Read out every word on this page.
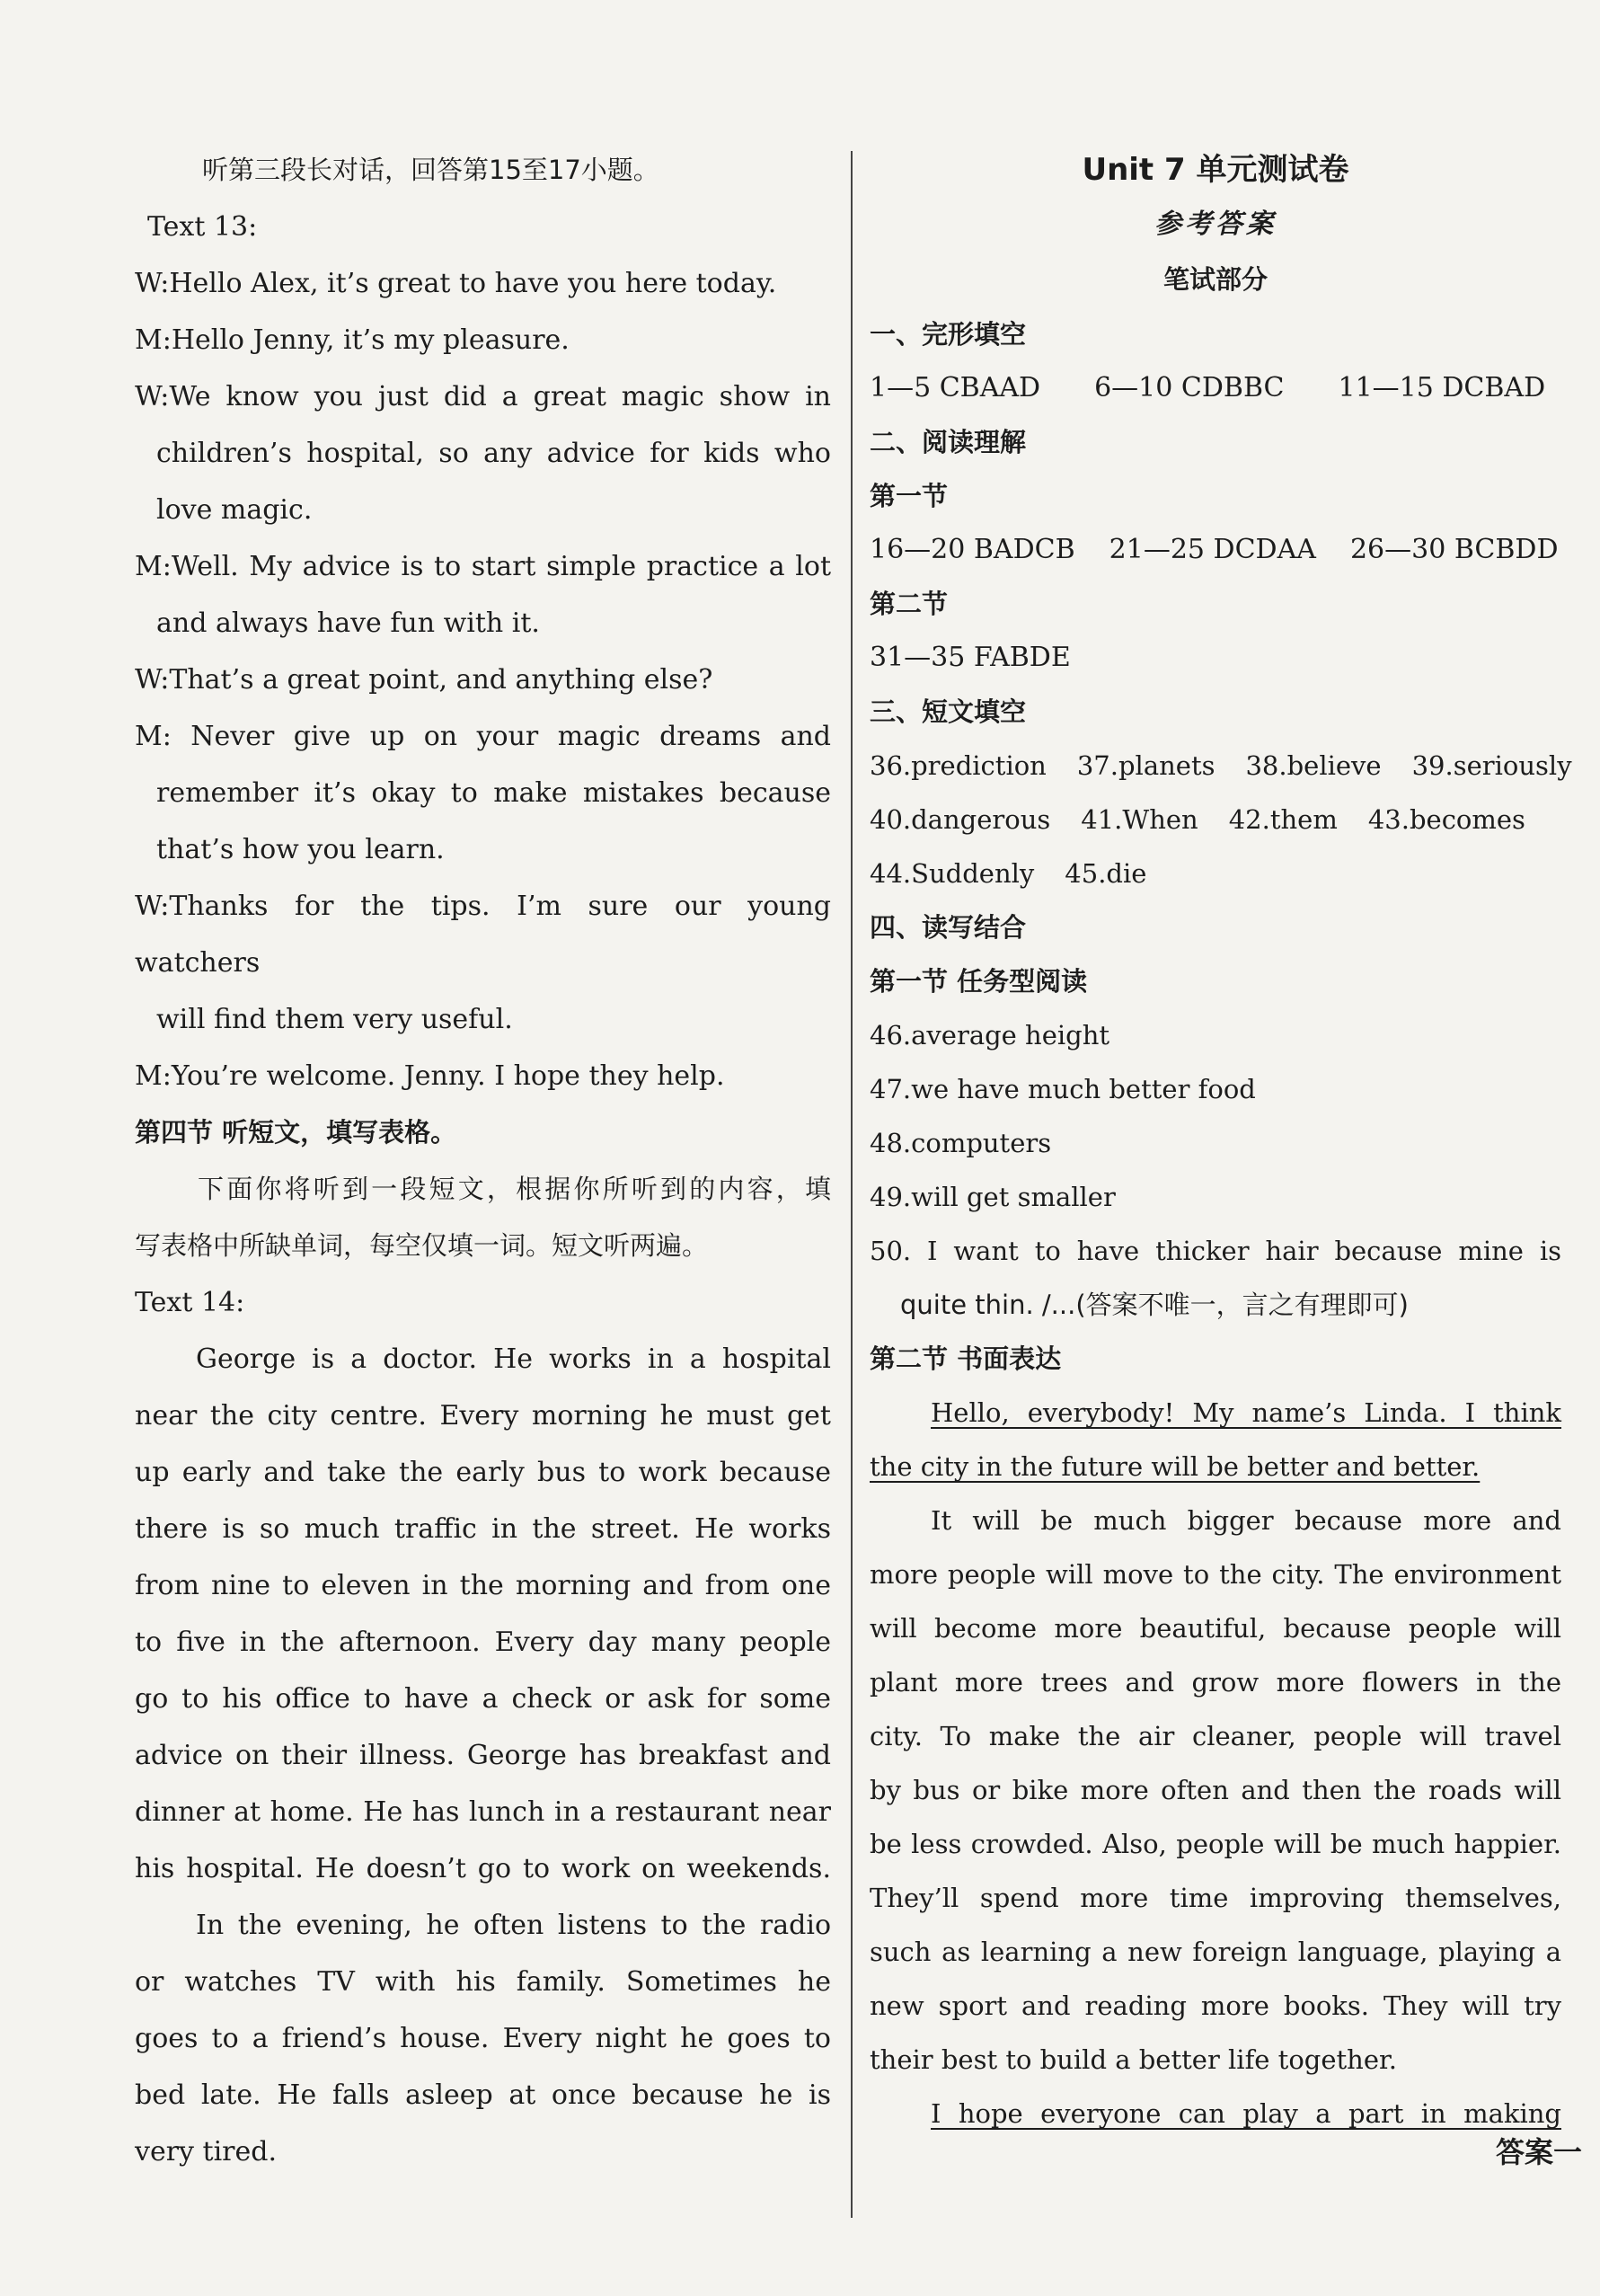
听第三段长对话，回答第15至17小题。

Text 13:

W:Hello Alex, it’s great to have you here today.

M:Hello Jenny, it’s my pleasure.

W:We know you just did a great magic show in

children’s hospital, so any advice for kids who

love magic.

M:Well. My advice is to start simple practice a lot

and always have fun with it.

W:That’s a great point, and anything else?

M: Never give up on your magic dreams and

remember it’s okay to make mistakes because

that’s how you learn.

W:Thanks for the tips. I’m sure our young watchers

will find them very useful.

M:You’re welcome. Jenny. I hope they help.

第四节 听短文，填写表格。

下面你将听到一段短文，根据你所听到的内容，填

写表格中所缺单词，每空仅填一词。短文听两遍。

Text 14:

George is a doctor. He works in a hospital

near the city centre. Every morning he must get

up early and take the early bus to work because

there is so much traffic in the street. He works

from nine to eleven in the morning and from one

to five in the afternoon. Every day many people

go to his office to have a check or ask for some

advice on their illness. George has breakfast and

dinner at home. He has lunch in a restaurant near

his hospital. He doesn’t go to work on weekends.

In the evening, he often listens to the radio

or watches TV with his family. Sometimes he

goes to a friend’s house. Every night he goes to

bed late. He falls asleep at once because he is

very tired.

Unit 7 单元测试卷

参考答案

笔试部分

一、完形填空

1—5 CBAAD 6—10 CDBBC 11—15 DCBAD

二、阅读理解

第一节

16—20 BADCB 21—25 DCDAA 26—30 BCBDD

第二节

31—35 FABDE

三、短文填空

36.prediction 37.planets 38.believe 39.seriously
40.dangerous 41.When 42.them 43.becomes
44.Suddenly 45.die

四、读写结合

第一节 任务型阅读

46.average height

47.we have much better food

48.computers

49.will get smaller

50. I want to have thicker hair because mine is

quite thin. /...(答案不唯一，言之有理即可)

第二节 书面表达

Hello, everybody! My name’s Linda. I think

the city in the future will be better and better.

It will be much bigger because more and

more people will move to the city. The environment

will become more beautiful, because people will

plant more trees and grow more flowers in the

city. To make the air cleaner, people will travel

by bus or bike more often and then the roads will

be less crowded. Also, people will be much happier.

They’ll spend more time improving themselves,

such as learning a new foreign language, playing a

new sport and reading more books. They will try

their best to build a better life together.

I hope everyone can play a part in making

答案一
